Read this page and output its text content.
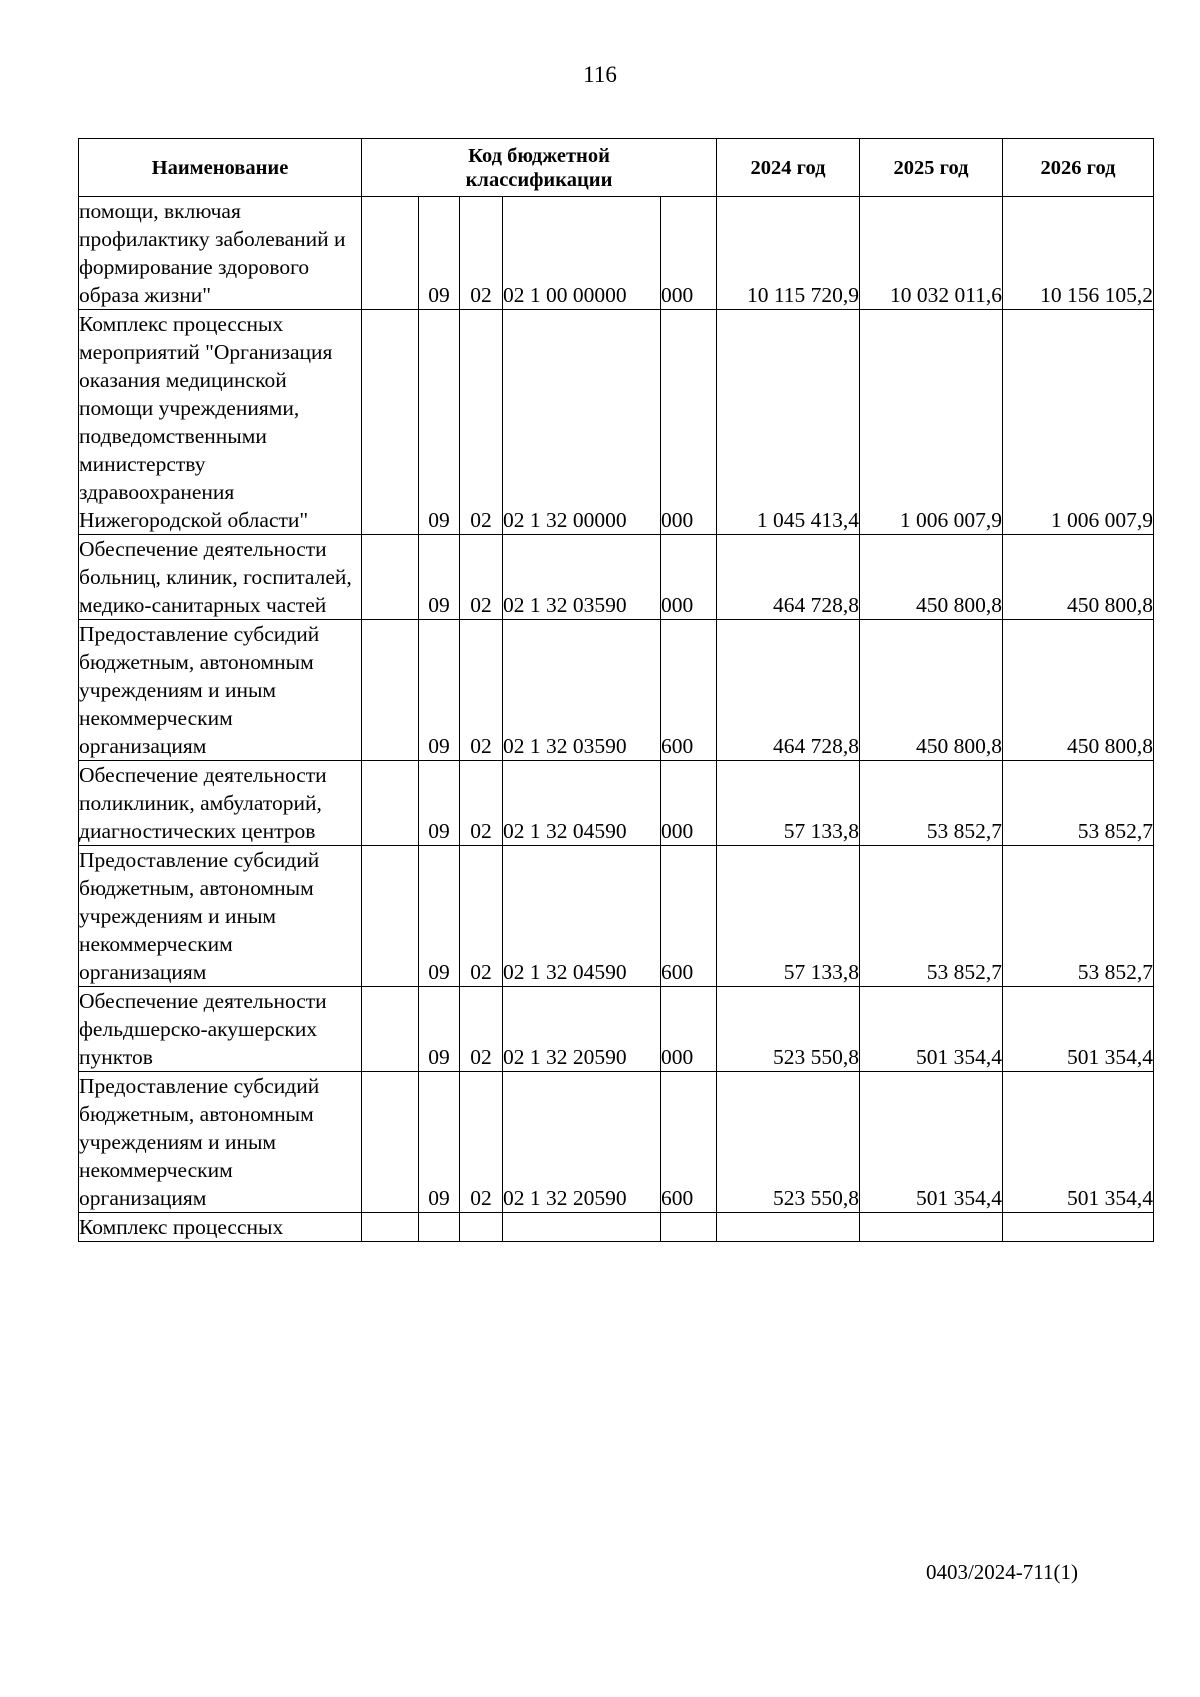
116
Наименование	Код бюджетной классификации					2024 год	2025 год	2026 год
помощи, включая профилактику заболеваний и формирование здорового образа жизни"		09	02	02 1 00 00000	000	10 115 720,9	10 032 011,6	10 156 105,2
Комплекс процессных мероприятий "Организация оказания медицинской помощи учреждениями, подведомственными министерству здравоохранения Нижегородской области"		09	02	02 1 32 00000	000	1 045 413,4	1 006 007,9	1 006 007,9
Обеспечение деятельности больниц, клиник, госпиталей, медико-санитарных частей		09	02	02 1 32 03590	000	464 728,8	450 800,8	450 800,8
Предоставление субсидий бюджетным, автономным учреждениям и иным некоммерческим организациям		09	02	02 1 32 03590	600	464 728,8	450 800,8	450 800,8
Обеспечение деятельности поликлиник, амбулаторий, диагностических центров		09	02	02 1 32 04590	000	57 133,8	53 852,7	53 852,7
Предоставление субсидий бюджетным, автономным учреждениям и иным некоммерческим организациям		09	02	02 1 32 04590	600	57 133,8	53 852,7	53 852,7
Обеспечение деятельности фельдшерско-акушерских пунктов		09	02	02 1 32 20590	000	523 550,8	501 354,4	501 354,4
Предоставление субсидий бюджетным, автономным учреждениям и иным некоммерческим организациям		09	02	02 1 32 20590	600	523 550,8	501 354,4	501 354,4
Комплекс процессных								
0403/2024-711(1)
